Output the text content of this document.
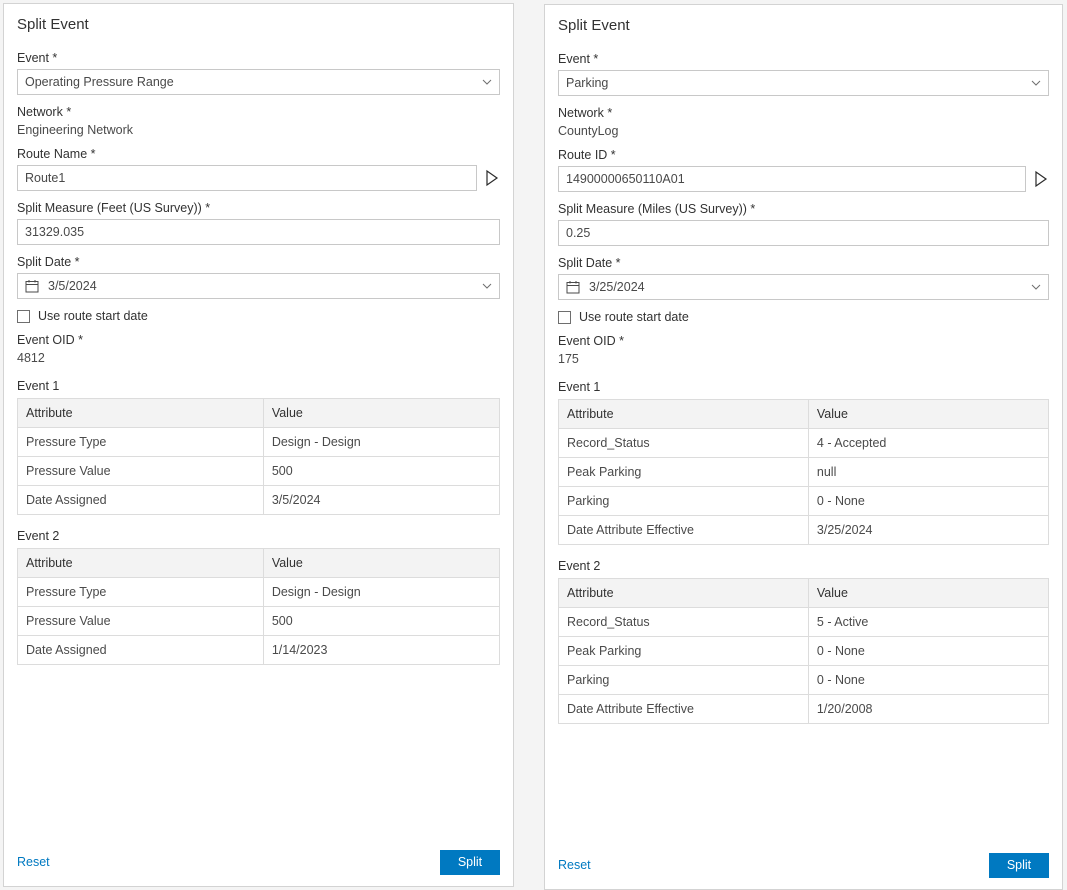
Split Event
Event *
Operating Pressure Range
Network *
Engineering Network
Route Name *
Route1
Split Measure (Feet (US Survey)) *
31329.035
Split Date *
3/5/2024
Use route start date
Event OID *
4812
Event 1
Attribute	Value
Pressure Type	Design - Design
Pressure Value	500
Date Assigned	3/5/2024
Event 2
Attribute	Value
Pressure Type	Design - Design
Pressure Value	500
Date Assigned	1/14/2023
Reset	Split
Split Event
Event *
Parking
Network *
CountyLog
Route ID *
14900000650110A01
Split Measure (Miles (US Survey)) *
0.25
Split Date *
3/25/2024
Use route start date
Event OID *
175
Event 1
Attribute	Value
Record_Status	4 - Accepted
Peak Parking	null
Parking	0 - None
Date Attribute Effective	3/25/2024
Event 2
Attribute	Value
Record_Status	5 - Active
Peak Parking	0 - None
Parking	0 - None
Date Attribute Effective	1/20/2008
Reset	Split
